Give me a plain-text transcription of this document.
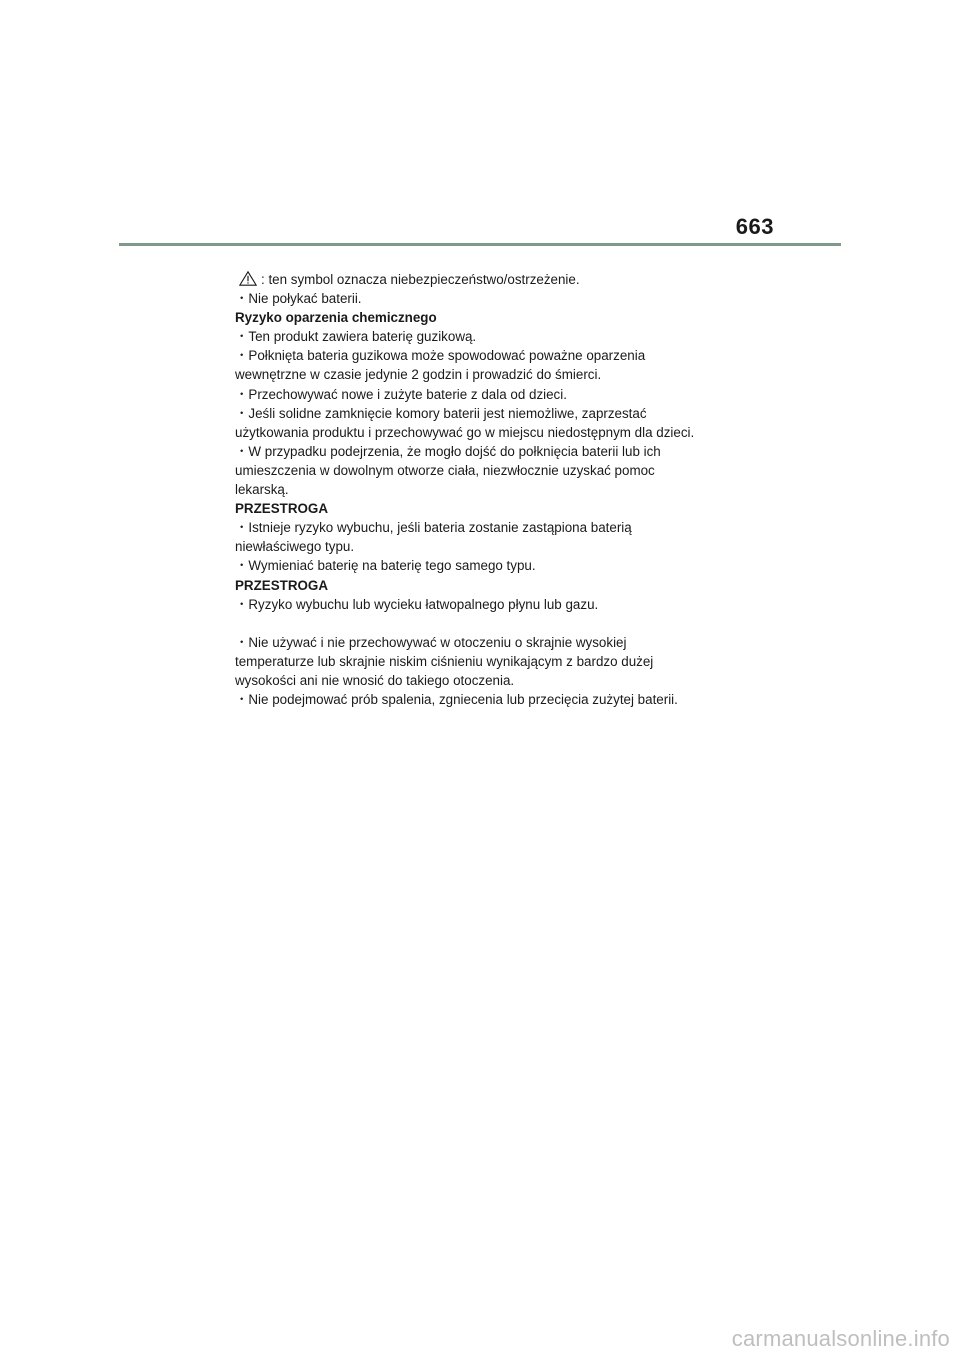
663
: ten symbol oznacza niebezpieczeństwo/ostrzeżenie.
・Nie połykać baterii.
Ryzyko oparzenia chemicznego
・Ten produkt zawiera baterię guzikową.
・Połknięta bateria guzikowa może spowodować poważne oparzenia
wewnętrzne w czasie jedynie 2 godzin i prowadzić do śmierci.
・Przechowywać nowe i zużyte baterie z dala od dzieci.
・Jeśli solidne zamknięcie komory baterii jest niemożliwe, zaprzestać
użytkowania produktu i przechowywać go w miejscu niedostępnym dla dzieci.
・W przypadku podejrzenia, że mogło dojść do połknięcia baterii lub ich
umieszczenia w dowolnym otworze ciała, niezwłocznie uzyskać pomoc
lekarską.
PRZESTROGA
・Istnieje ryzyko wybuchu, jeśli bateria zostanie zastąpiona baterią
niewłaściwego typu.
・Wymieniać baterię na baterię tego samego typu.
PRZESTROGA
・Ryzyko wybuchu lub wycieku łatwopalnego płynu lub gazu.
・Nie używać i nie przechowywać w otoczeniu o skrajnie wysokiej
temperaturze lub skrajnie niskim ciśnieniu wynikającym z bardzo dużej
wysokości ani nie wnosić do takiego otoczenia.
・Nie podejmować prób spalenia, zgniecenia lub przecięcia zużytej baterii.
carmanualsonline.info
